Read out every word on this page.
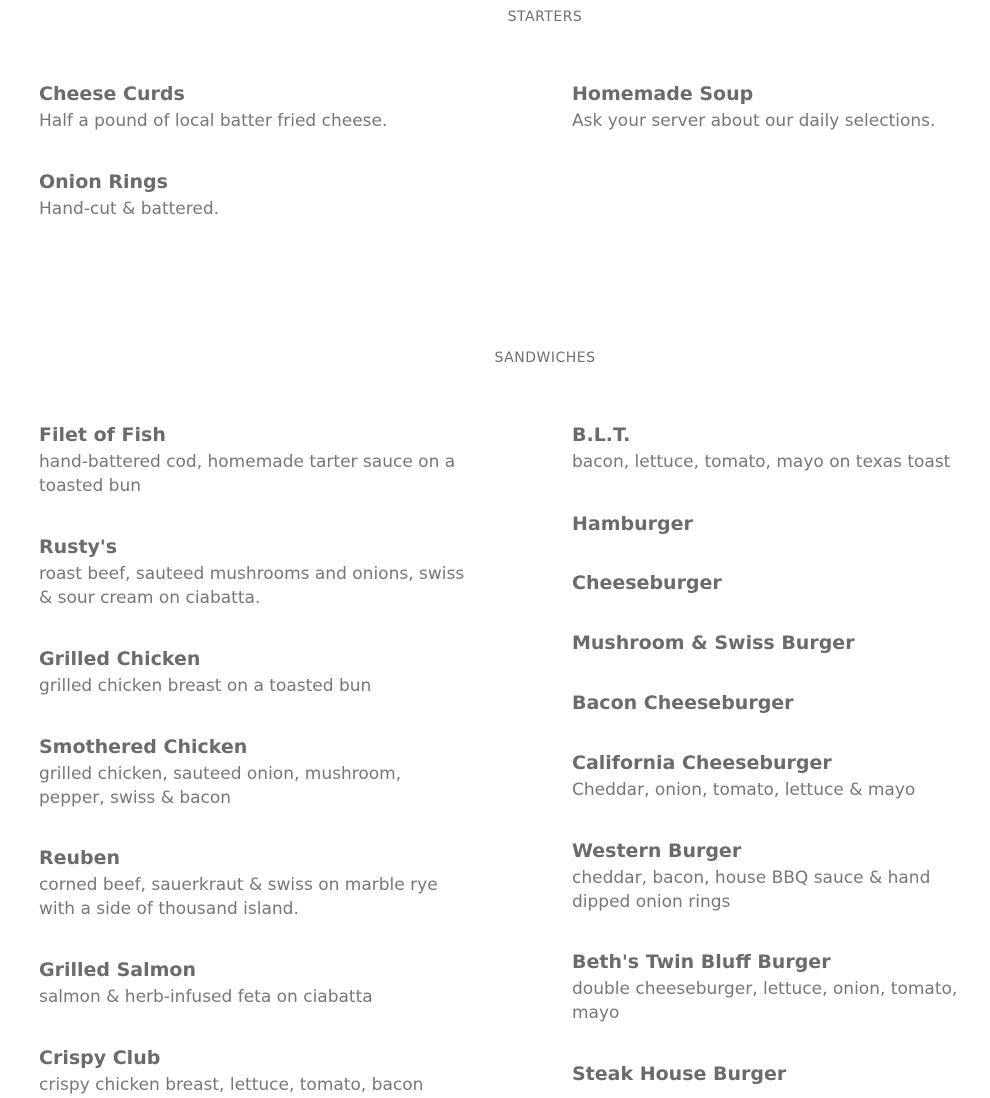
STARTERS

Cheese Curds

Half a pound of local batter fried cheese.

Onion Rings

Hand-cut & battered.

Homemade Soup

Ask your server about our daily selections.

SANDWICHES

Filet of Fish

hand-battered cod, homemade tarter sauce on a toasted bun

Rusty's

roast beef, sauteed mushrooms and onions, swiss & sour cream on ciabatta.

Grilled Chicken

grilled chicken breast on a toasted bun

Smothered Chicken

grilled chicken, sauteed onion, mushroom, pepper, swiss & bacon

Reuben

corned beef, sauerkraut & swiss on marble rye with a side of thousand island.

Grilled Salmon

salmon & herb-infused feta on ciabatta

Crispy Club

crispy chicken breast, lettuce, tomato, bacon

B.L.T.

bacon, lettuce, tomato, mayo on texas toast

Hamburger

Cheeseburger

Mushroom & Swiss Burger

Bacon Cheeseburger

California Cheeseburger

Cheddar, onion, tomato, lettuce & mayo

Western Burger

cheddar, bacon, house BBQ sauce & hand dipped onion rings

Beth's Twin Bluff Burger

double cheeseburger, lettuce, onion, tomato, mayo

Steak House Burger
